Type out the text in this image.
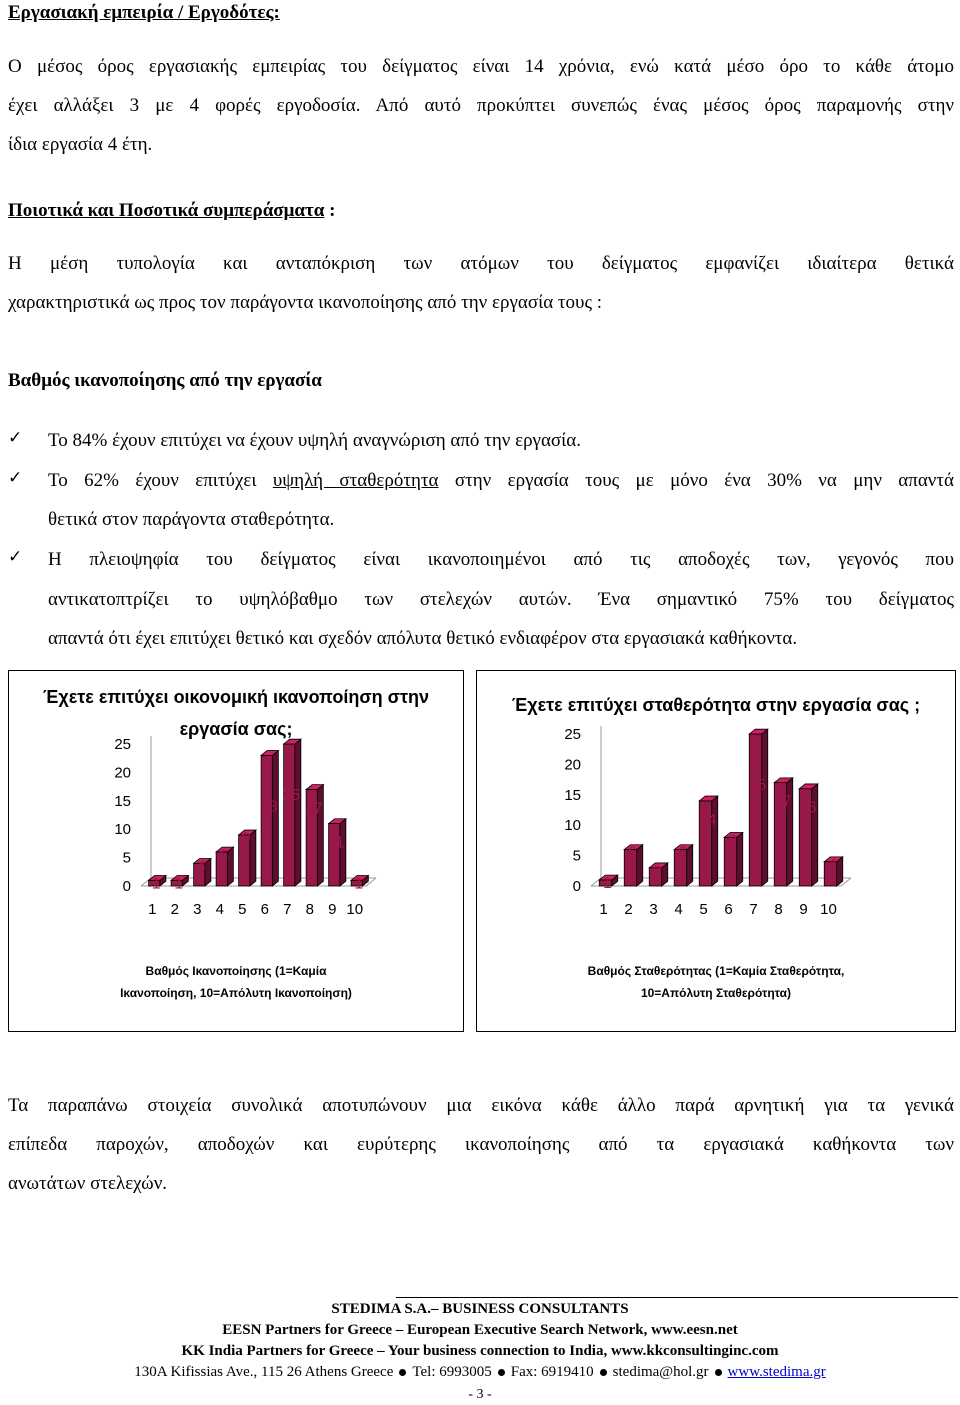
Εργασιακή εμπειρία / Εργοδότες:
Ο μέσος όρος εργασιακής εμπειρίας του δείγματος είναι 14 χρόνια, ενώ κατά μέσο όρο το κάθε άτομο
έχει αλλάξει 3 με 4 φορές εργοδοσία. Από αυτό προκύπτει συνεπώς ένας μέσος όρος παραμονής στην
ίδια εργασία 4 έτη.
Ποιοτικά και Ποσοτικά συμπεράσματα :
Η μέση τυπολογία και ανταπόκριση των ατόμων του δείγματος εμφανίζει ιδιαίτερα θετικά
χαρακτηριστικά ως προς τον παράγοντα ικανοποίησης από την εργασία τους :
Βαθμός ικανοποίησης από την εργασία
✓ Το 84% έχουν επιτύχει να έχουν υψηλή αναγνώριση από την εργασία.
✓ Το 62% έχουν επιτύχει υψηλή σταθερότητα στην εργασία τους με μόνο ένα 30% να μην απαντά
θετικά στον παράγοντα σταθερότητα.
✓ Η πλειοψηφία του δείγματος είναι ικανοποιημένοι από τις αποδοχές των, γεγονός που
αντικατοπτρίζει το υψηλόβαθμο των στελεχών αυτών. Ένα σημαντικό 75% του δείγματος
απαντά ότι έχει επιτύχει θετικό και σχεδόν απόλυτα θετικό ενδιαφέρον στα εργασιακά καθήκοντα.
Έχετε επιτύχει οικονομική ικανοποίηση στην
εργασία σας;
0
5
10
15
20
25
1
1
2
1
3
4
4
6
5
9
6
23
7
25
8
17
9
11
10
1
Βαθμός Ικανοποίησης (1=Καμία
Ικανοποίηση, 10=Απόλυτη Ικανοποίηση)
Έχετε επιτύχει σταθερότητα στην εργασία σας ;
0
5
10
15
20
25
1
1
2
6
3
3
4
6
5
14
6
8
7
25
8
17
9
16
10
4
Βαθμός Σταθερότητας (1=Καμία Σταθερότητα,
10=Απόλυτη Σταθερότητα)
Τα παραπάνω στοιχεία συνολικά αποτυπώνουν μια εικόνα κάθε άλλο παρά αρνητική για τα γενικά
επίπεδα παροχών, αποδοχών και ευρύτερης ικανοποίησης από τα εργασιακά καθήκοντα των
ανωτάτων στελεχών.
STEDIMA S.A.– BUSINESS CONSULTANTS
EESN Partners for Greece – European Executive Search Network, www.eesn.net
KK India Partners for Greece – Your business connection to India, www.kkconsultinginc.com
130A Kifissias Ave., 115 26 Athens Greece Tel: 6993005 Fax: 6919410 stedima@hol.gr www.stedima.gr
- 3 -
